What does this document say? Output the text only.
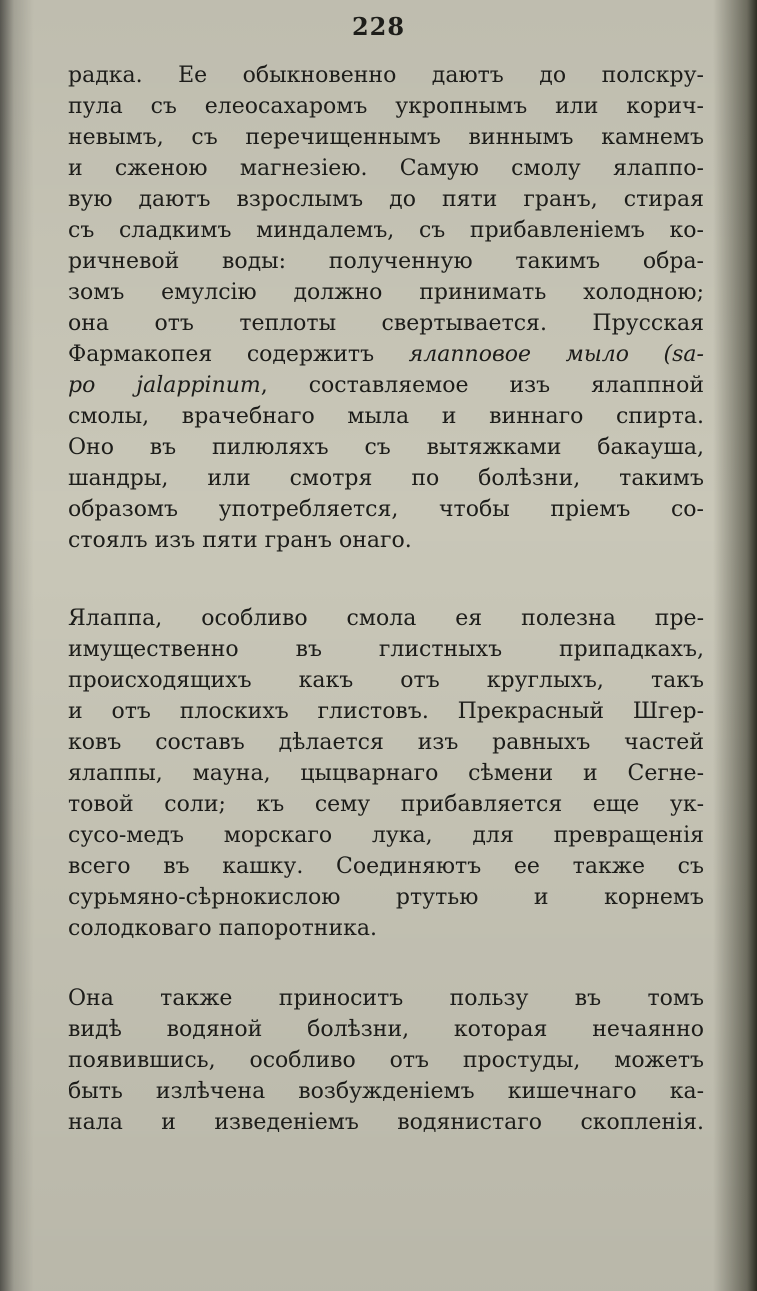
228
радка. Ее обыкновенно даютъ до полскру-
пула съ елеосахаромъ укропнымъ или корич-
невымъ, съ перечищеннымъ виннымъ камнемъ
и сженою магнезіею. Самую смолу ялаппо-
вую даютъ взрослымъ до пяти гранъ, стирая
съ сладкимъ миндалемъ, съ прибавленіемъ ко-
ричневой воды: полученную такимъ обра-
зомъ емулсію должно принимать холодною;
она отъ теплоты свертывается. Прусская
Фармакопея содержитъ ялапповое мыло (sa-
po jalappinum, составляемое изъ ялаппной
смолы, врачебнаго мыла и виннаго спирта.
Оно въ пилюляхъ съ вытяжками бакауша,
шандры, или смотря по болѣзни, такимъ
образомъ употребляется, чтобы пріемъ со-
стоялъ изъ пяти гранъ онаго.
Ялаппа, особливо смола ея полезна пре-
имущественно въ глистныхъ припадкахъ,
происходящихъ какъ отъ круглыхъ, такъ
и отъ плоскихъ глистовъ. Прекрасный Шгер-
ковъ составъ дѣлается изъ равныхъ частей
ялаппы, мауна, цыцварнаго сѣмени и Сегне-
товой соли; къ сему прибавляется еще ук-
сусо-медъ морскаго лука, для превращенія
всего въ кашку. Соединяютъ ее также съ
сурьмяно-сѣрнокислою ртутью и корнемъ
солодковаго папоротника.
Она также приноситъ пользу въ томъ
видѣ водяной болѣзни, которая нечаянно
появившись, особливо отъ простуды, можетъ
быть излѣчена возбужденіемъ кишечнаго ка-
нала и изведеніемъ водянистаго скопленія.
